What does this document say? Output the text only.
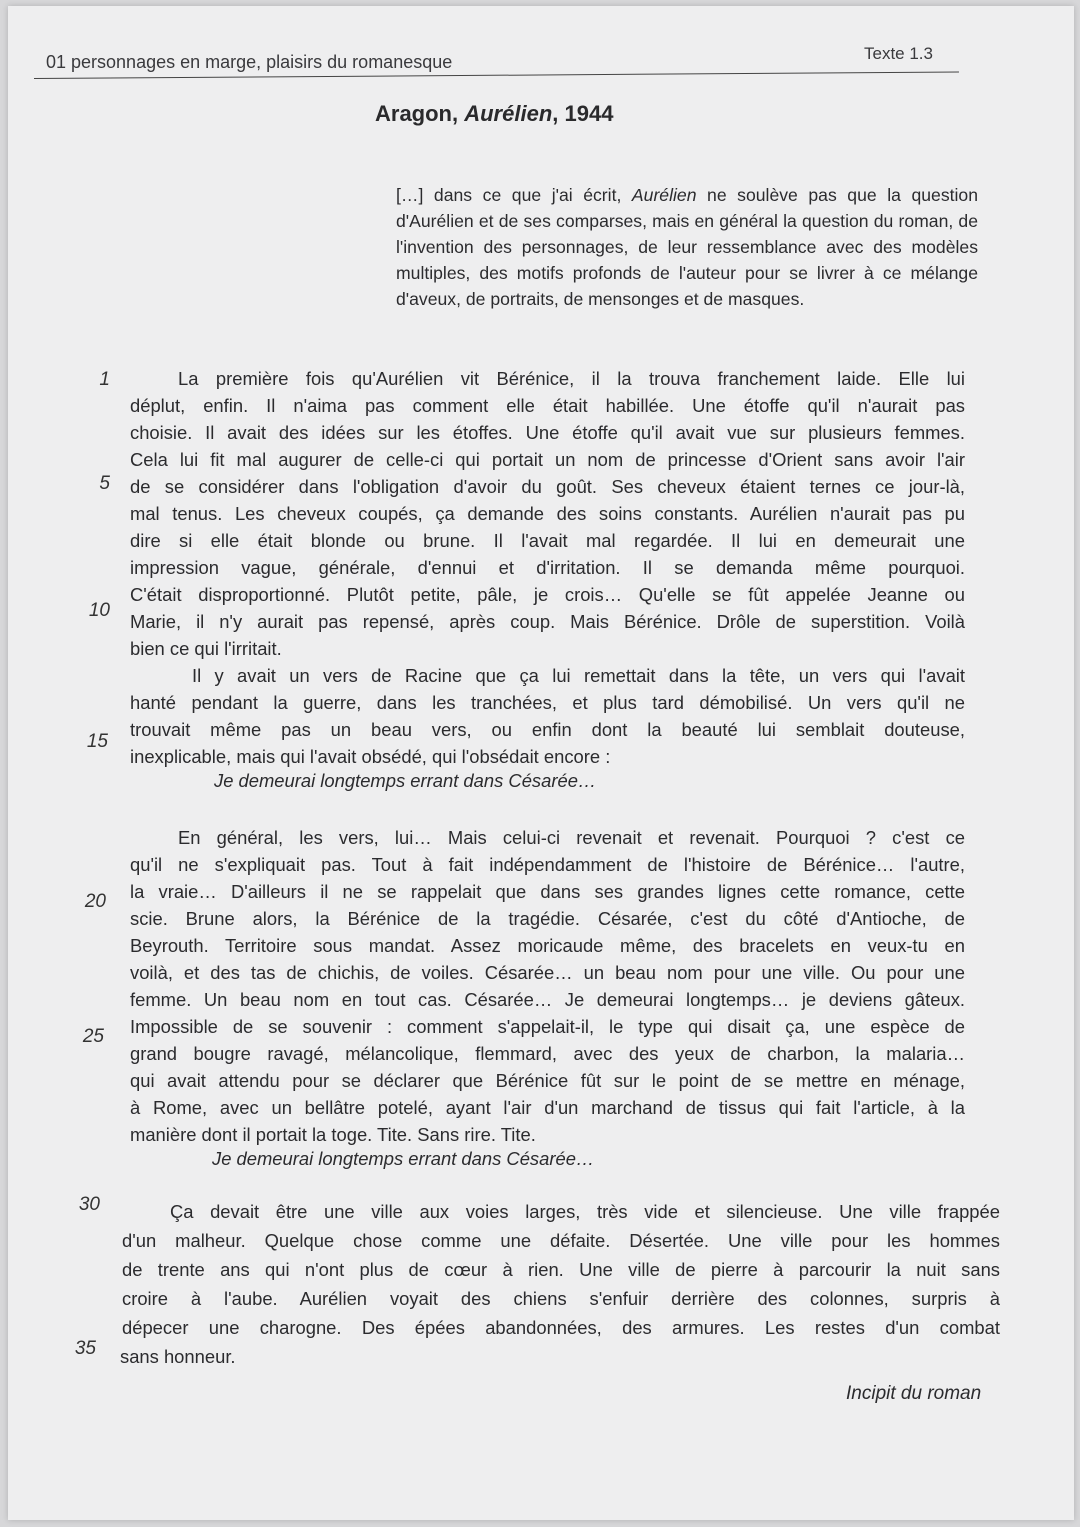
01 personnages en marge, plaisirs du romanesque	Texte 1.3
Aragon, Aurélien, 1944
[…] dans ce que j'ai écrit, Aurélien ne soulève pas que la question d'Aurélien et de ses comparses, mais en général la question du roman, de l'invention des personnages, de leur ressemblance avec des modèles multiples, des motifs profonds de l'auteur pour se livrer à ce mélange d'aveux, de portraits, de mensonges et de masques.
La première fois qu'Aurélien vit Bérénice, il la trouva franchement laide. Elle lui
déplut, enfin. Il n'aima pas comment elle était habillée. Une étoffe qu'il n'aurait pas
choisie. Il avait des idées sur les étoffes. Une étoffe qu'il avait vue sur plusieurs femmes.
Cela lui fit mal augurer de celle-ci qui portait un nom de princesse d'Orient sans avoir l'air
de se considérer dans l'obligation d'avoir du goût. Ses cheveux étaient ternes ce jour-là,
mal tenus. Les cheveux coupés, ça demande des soins constants. Aurélien n'aurait pas pu
dire si elle était blonde ou brune. Il l'avait mal regardée. Il lui en demeurait une
impression vague, générale, d'ennui et d'irritation. Il se demanda même pourquoi.
C'était disproportionné. Plutôt petite, pâle, je crois… Qu'elle se fût appelée Jeanne ou
Marie, il n'y aurait pas repensé, après coup. Mais Bérénice. Drôle de superstition. Voilà
bien ce qui l'irritait.
Il y avait un vers de Racine que ça lui remettait dans la tête, un vers qui l'avait
hanté pendant la guerre, dans les tranchées, et plus tard démobilisé. Un vers qu'il ne
trouvait même pas un beau vers, ou enfin dont la beauté lui semblait douteuse,
inexplicable, mais qui l'avait obsédé, qui l'obsédait encore :
Je demeurai longtemps errant dans Césarée…
En général, les vers, lui… Mais celui-ci revenait et revenait. Pourquoi ? c'est ce
qu'il ne s'expliquait pas. Tout à fait indépendamment de l'histoire de Bérénice… l'autre,
la vraie… D'ailleurs il ne se rappelait que dans ses grandes lignes cette romance, cette
scie. Brune alors, la Bérénice de la tragédie. Césarée, c'est du côté d'Antioche, de
Beyrouth. Territoire sous mandat. Assez moricaude même, des bracelets en veux-tu en
voilà, et des tas de chichis, de voiles. Césarée… un beau nom pour une ville. Ou pour une
femme. Un beau nom en tout cas. Césarée… Je demeurai longtemps… je deviens gâteux.
Impossible de se souvenir : comment s'appelait-il, le type qui disait ça, une espèce de
grand bougre ravagé, mélancolique, flemmard, avec des yeux de charbon, la malaria…
qui avait attendu pour se déclarer que Bérénice fût sur le point de se mettre en ménage,
à Rome, avec un bellâtre potelé, ayant l'air d'un marchand de tissus qui fait l'article, à la
manière dont il portait la toge. Tite. Sans rire. Tite.
Je demeurai longtemps errant dans Césarée…
Ça devait être une ville aux voies larges, très vide et silencieuse. Une ville frappée
d'un malheur. Quelque chose comme une défaite. Désertée. Une ville pour les hommes
de trente ans qui n'ont plus de cœur à rien. Une ville de pierre à parcourir la nuit sans
croire à l'aube. Aurélien voyait des chiens s'enfuir derrière des colonnes, surpris à
dépecer une charogne. Des épées abandonnées, des armures. Les restes d'un combat
sans honneur.
1
5
10
15
20
25
30
35
Incipit du roman
